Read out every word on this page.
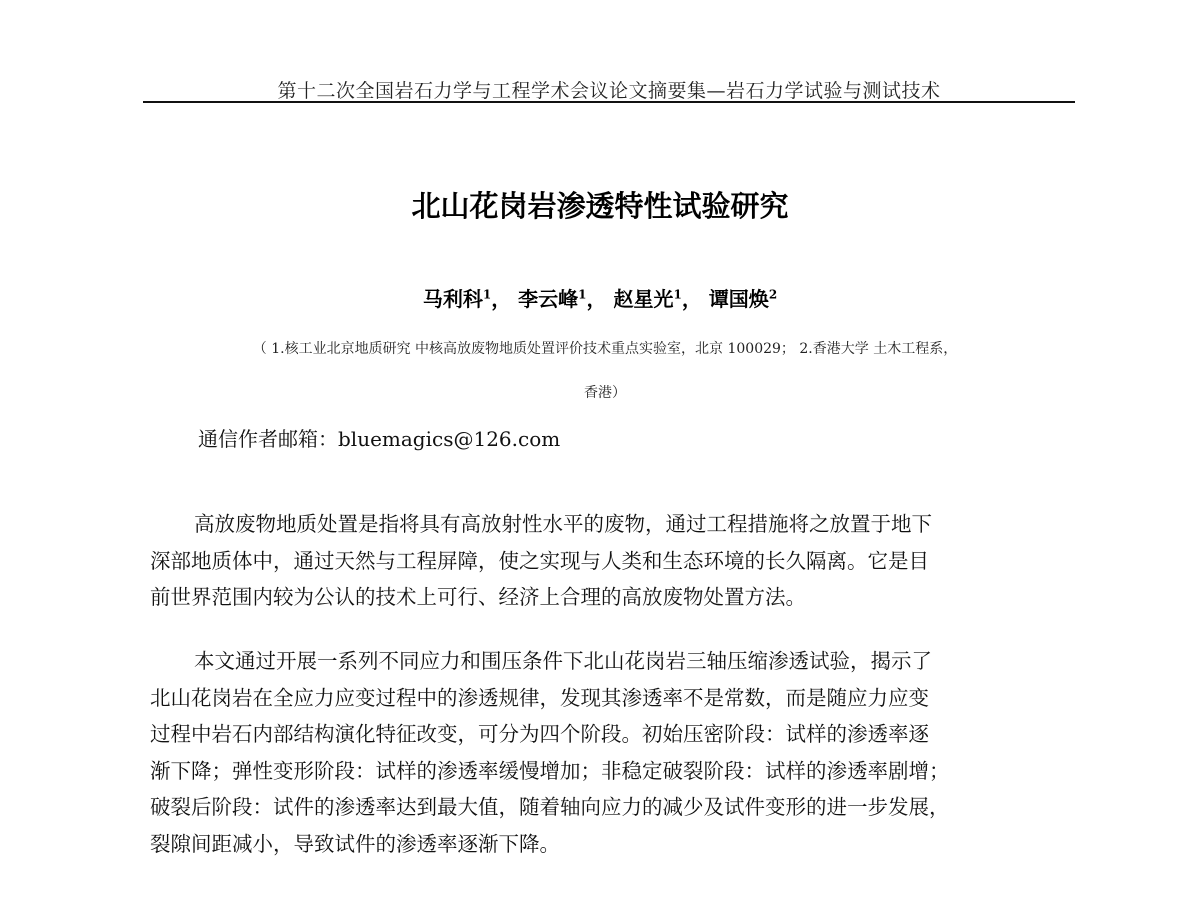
第十二次全国岩石力学与工程学术会议论文摘要集—岩石力学试验与测试技术
北山花岗岩渗透特性试验研究
马利科$^1$， 李云峰$^1$， 赵星光$^1$， 谭国焕$^2$
（ 1.核工业北京地质研究 中核高放废物地质处置评价技术重点实验室，北京 100029； 2.香港大学 土木工程系，
香港）
通信作者邮箱：bluemagics@126.com

高放废物地质处置是指将具有高放射性水平的废物，通过工程措施将之放置于地下
深部地质体中，通过天然与工程屏障，使之实现与人类和生态环境的长久隔离。它是目
前世界范围内较为公认的技术上可行、经济上合理的高放废物处置方法。

本文通过开展一系列不同应力和围压条件下北山花岗岩三轴压缩渗透试验，揭示了
北山花岗岩在全应力应变过程中的渗透规律，发现其渗透率不是常数，而是随应力应变
过程中岩石内部结构演化特征改变，可分为四个阶段。初始压密阶段：试样的渗透率逐
渐下降；弹性变形阶段：试样的渗透率缓慢增加；非稳定破裂阶段：试样的渗透率剧增；
破裂后阶段：试件的渗透率达到最大值，随着轴向应力的减少及试件变形的进一步发展，
裂隙间距减小，导致试件的渗透率逐渐下降。
